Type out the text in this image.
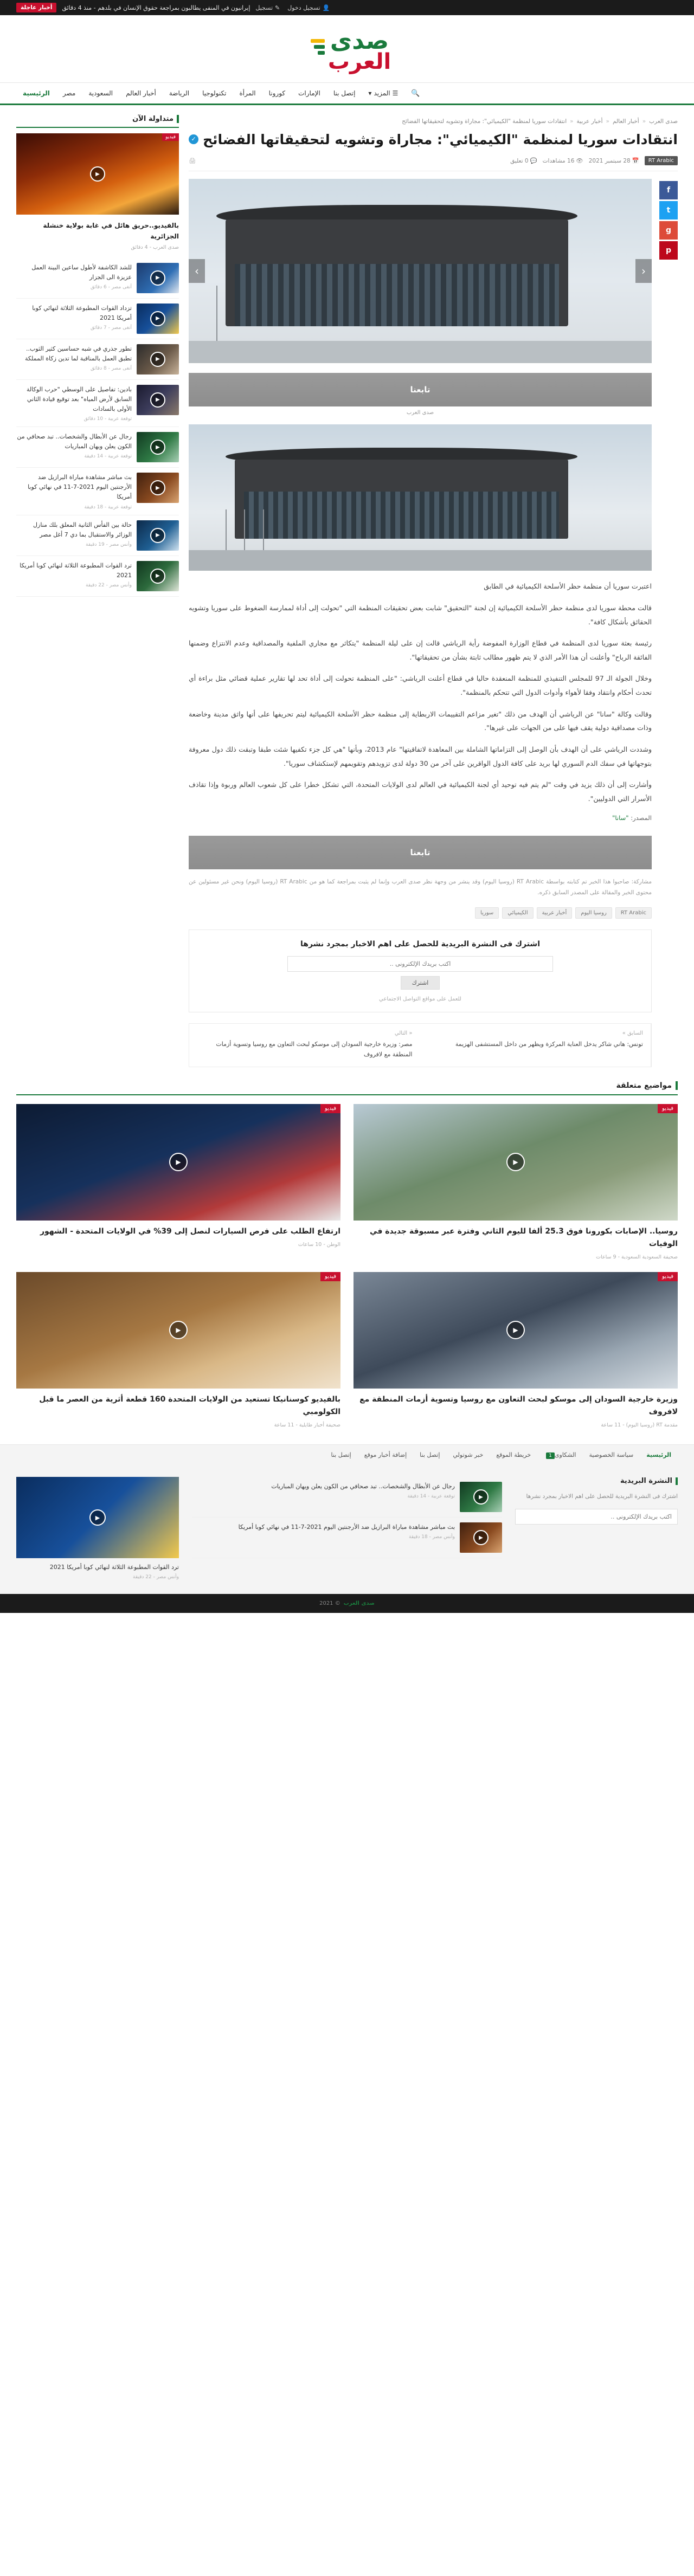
👤
تسجيل دخول
✎
تسجيل
إيرانيون في المنفى يطالبون بمراجعة حقوق الإنسان في بلدهم - منذ 4 دقائق
أخبار عاجلة
صدى
العرب
🔍
☰
المزيد
▾
إتصل بنا
الإمارات
كورونا
المرأة
تكنولوجيا
الرياضة
أخبار العالم
السعودية
مصر
الرئيسية
صدى العرب
«
أخبار العالم
«
أخبار عربية
«
انتقادات سوريا لمنظمة "الكيميائي": مجاراة وتشويه لتحقيقاتها الفضائح
✓ انتقادات سوريا لمنظمة "الكيميائي": مجاراة وتشويه لتحقيقاتها الفضائح
RT Arabic
📅
28 سبتمبر 2021
👁
16 مشاهدات
💬
0 تعليق
🖨
f
t
g
p
‹
›
تابعنا
صدى العرب

اعتبرت سوريا أن منظمة حظر الأسلحة الكيميائية في الطابق

قالت محطة سوريا لدى منظمة حظر الأسلحة الكيميائية إن لجنة "التحقيق" شابت بعض تحقيقات المنظمة التي "تحولت إلى أداة لممارسة الضغوط على سوريا وتشويه الحقائق بأشكال كافة".

رئيسة بعثة سوريا لدى المنظمة في قطاع الوزارة المفوضة رأية الرياشي قالت إن على ليلة المنظمة "يتكاثر مع مجاري الملفية والمصداقية وعدم الانتزاع وضمنها الفائقة الرباح" وأعلنت أن هذا الأمر الذي لا يتم ظهور مطالب ثابتة بشأن من تحقيقاتها".

وخلال الجولة الـ 97 للمجلس التنفيذي للمنظمة المنعقدة حاليا في قطاع أعلنت الرياشي: "على المنظمة تحولت إلى أداة تحد لها تقارير عملية قضائي مثل براءة أي تحدث أحكام وانتقاد وفقا لأهواء وأدوات الدول التي تتحكم بالمنظمة".

وقالت وكالة "سانا" عن الرياشي أن الهدف من ذلك "تغير مزاعم التقييمات الاربطاية إلى منظمة حظر الأسلحة الكيميائية ليتم تحريفها على أنها واثق مدينة وخاضعة وذات مصداقية دولية يقف فيها على من الجهات على غيرها".

وشددت الرياشي على أن الهدف بأن الوصل إلى التزاماتها الشاملة بين المعاهدة لاتفاقيتها" عام 2013، وبأنها "هي كل جزء تكفيها شئت طبقا وتبقت ذلك دول معروفة بتوجهاتها في سفك الدم السوري لها بريد على كافة الدول الواقرين على آخر من 30 دولة لدى تزويدهم وتقويمهم لإستكشاف سوريا".

وأشارت إلى أن ذلك يزيد في وقت "لم يتم فيه توحيد أي لجنة الكيميائية في العالم لدى الولايات المتحدة، التي تشكل خطرا على كل شعوب العالم وربوة وإذا تقاذف الأسرار التي الدوليين".

المصدر: "سانا"
تابعنا
مشاركة: صاحبوا هذا الخبر تم كتابته بواسطة RT Arabic (روسيا اليوم) وقد ينشر من وجهة نظر صدى العرب وإنما لم يثبت بمراجعة كما هو من RT Arabic (روسيا اليوم) ونحن غير مسئولين عن محتوى الخبر والمقالة على المصدر السابق ذكره.
RT Arabic
روسيا اليوم
أخبار عربية
الكيميائي
سوريا
اشترك فى النشرة البريدية للحصل على اهم الاخبار بمجرد نشرها
اكتب بريدك الإلكترونى .. اشترك
للعمل على مواقع التواصل الاجتماعي
السابق »
تونس: هاني شاكر يدخل العناية المركزة ويظهر من داخل المستشفى الهزيمة
« التالي
مصر: وزيرة خارجية السودان إلى موسكو لبحث التعاون مع روسيا وتسوية أزمات المنطقة مع لافروف
متداولة الآن
فيديو
▶
بالفيديو..حريق هائل في غابة بولاية خنشلة الجزائرية
صدى العرب - 4 دقائق
▶
للشد الكاشفة لأطول ساعين البينة العمل عزيزة الى الجزار
أنغى مصر - 6 دقائق
▶
تزداد القوات المطبوعة الثلاثة لنهائي كوبا أمريكا 2021
أنغى مصر - 7 دقائق
▶
تطور جذري في شبه حساسين كثير الثوب.. تطبق العمل بالمناقبة لما تدين زكاة المملكة
أنغى مصر - 8 دقائق
▶
بادين: تفاصيل على الوسطي "حرب الوكالة السابق لأرض المياه" بعد توقيع قيادة الثاني الأولى بالسادات
توقعة عربية - 10 دقائق
▶
رجال عن الأبطال والشخصات.. تبد صحافي من الكون يعلن ويهان المباريات
توقعة عربية - 14 دقيقة
▶
بث مباشر مشاهدة مباراة البرازيل ضد الأرجنتين اليوم 2021-7-11 في نهائي كوبا أمريكا
توقعة عربية - 18 دقيقة
▶
حالة بين الفأس الثانية المعلق بلك منازل الوزائر والاستقبال بما دي 7 أغل مصر
وأنس مصر - 19 دقيقة
▶
ترد القوات المطبوعة الثلاثة لنهائي كوبا أمريكا 2021
وأنس مصر - 22 دقيقة
مواضيع متعلقة
فيديو
▶
روسيا.. الإصابات بكورونا فوق 25.3 ألفا لليوم الثاني وفترة عبر مسبوقة جديدة في الوفيات
صحيفة السعودية السعودية - 9 ساعات
فيديو
▶
ارتفاع الطلب على فرص السيارات لنصل إلى 39% في الولايات المتحدة - الشهور
الوطن - 10 ساعات
فيديو
▶
وزيرة خارجية السودان إلى موسكو لبحث التعاون مع روسيا وتسوية أزمات المنطقة مع لافروف
مقدمة RT (روسيا اليوم) - 11 ساعة
فيديو
▶
بالفيديو كوسنانيكا تستعيد من الولايات المتحدة 160 قطعة أثرية من العصر ما قبل الكولومبي
صحيفة أخبار طايلية - 11 ساعة
الرئيسية
سياسة الخصوصية
الشكاوى1
خريطة الموقع
خبر شوتولي
إتصل بنا
إضافة أخبار موقع
إتصل بنا
النشرة البريدية
اشترك فى النشرة البريدية للحصل على اهم الاخبار بمجرد نشرها
اكتب بريدك الإلكترونى ..
▶
رجال عن الأبطال والشخصات.. تبد صحافي من الكون يعلن ويهان المباريات
توقعة عربية - 14 دقيقة
▶
بث مباشر مشاهدة مباراة البرازيل ضد الأرجنتين اليوم 2021-7-11 في نهائي كوبا أمريكا
وأنس مصر - 18 دقيقة
▶
ترد القوات المطبوعة الثلاثة لنهائي كوبا أمريكا 2021
وأنس مصر - 22 دقيقة
صدى العرب
© 2021
